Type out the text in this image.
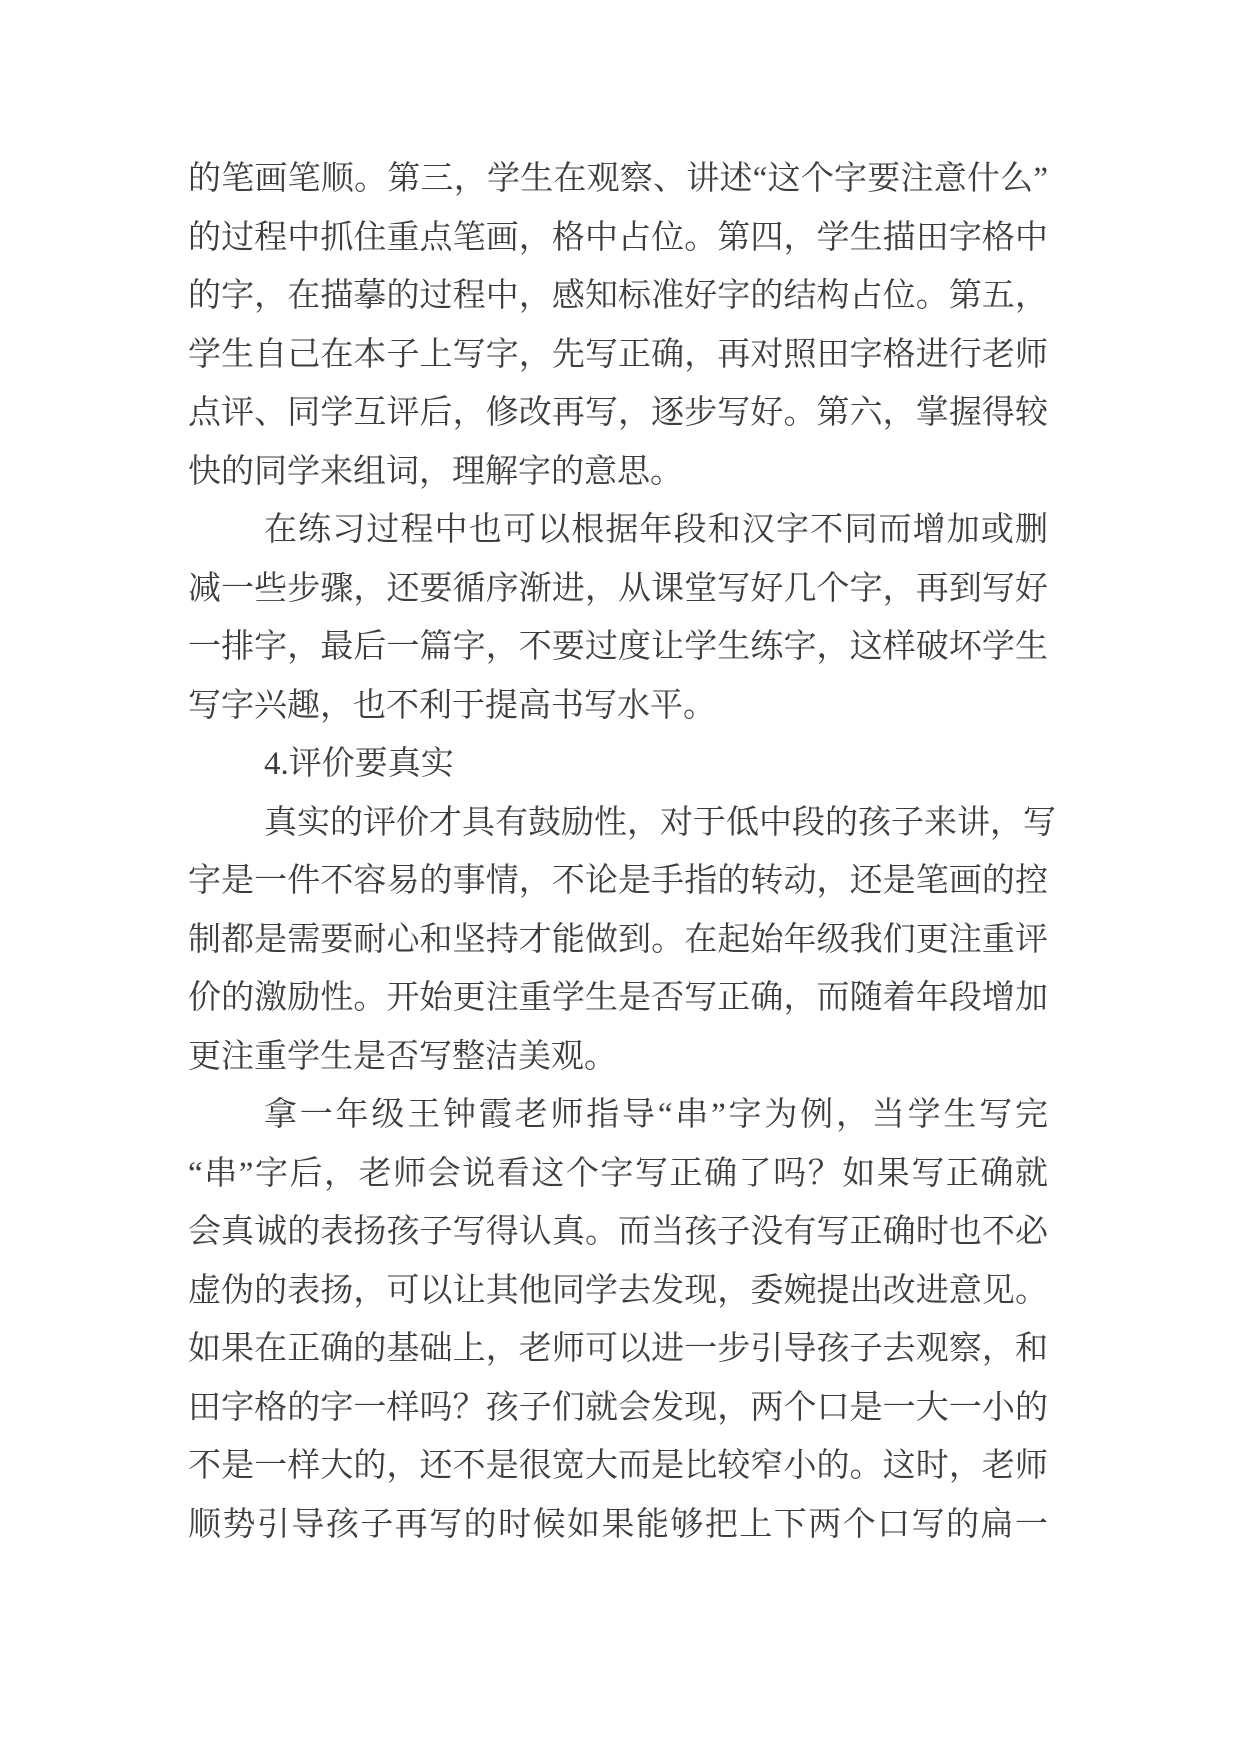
的笔画笔顺。第三，学生在观察、讲述“这个字要注意什么”
的过程中抓住重点笔画，格中占位。第四，学生描田字格中
的字，在描摹的过程中，感知标准好字的结构占位。第五，
学生自己在本子上写字，先写正确，再对照田字格进行老师
点评、同学互评后，修改再写，逐步写好。第六，掌握得较
快的同学来组词，理解字的意思。
在练习过程中也可以根据年段和汉字不同而增加或删
减一些步骤，还要循序渐进，从课堂写好几个字，再到写好
一排字，最后一篇字，不要过度让学生练字，这样破坏学生
写字兴趣，也不利于提高书写水平。
4.评价要真实
真实的评价才具有鼓励性，对于低中段的孩子来讲，写
字是一件不容易的事情，不论是手指的转动，还是笔画的控
制都是需要耐心和坚持才能做到。在起始年级我们更注重评
价的激励性。开始更注重学生是否写正确，而随着年段增加
更注重学生是否写整洁美观。
拿一年级王钟霞老师指导“串”字为例，当学生写完
“串”字后，老师会说看这个字写正确了吗？如果写正确就
会真诚的表扬孩子写得认真。而当孩子没有写正确时也不必
虚伪的表扬，可以让其他同学去发现，委婉提出改进意见。
如果在正确的基础上，老师可以进一步引导孩子去观察，和
田字格的字一样吗？孩子们就会发现，两个口是一大一小的
不是一样大的，还不是很宽大而是比较窄小的。这时，老师
顺势引导孩子再写的时候如果能够把上下两个口写的扁一
